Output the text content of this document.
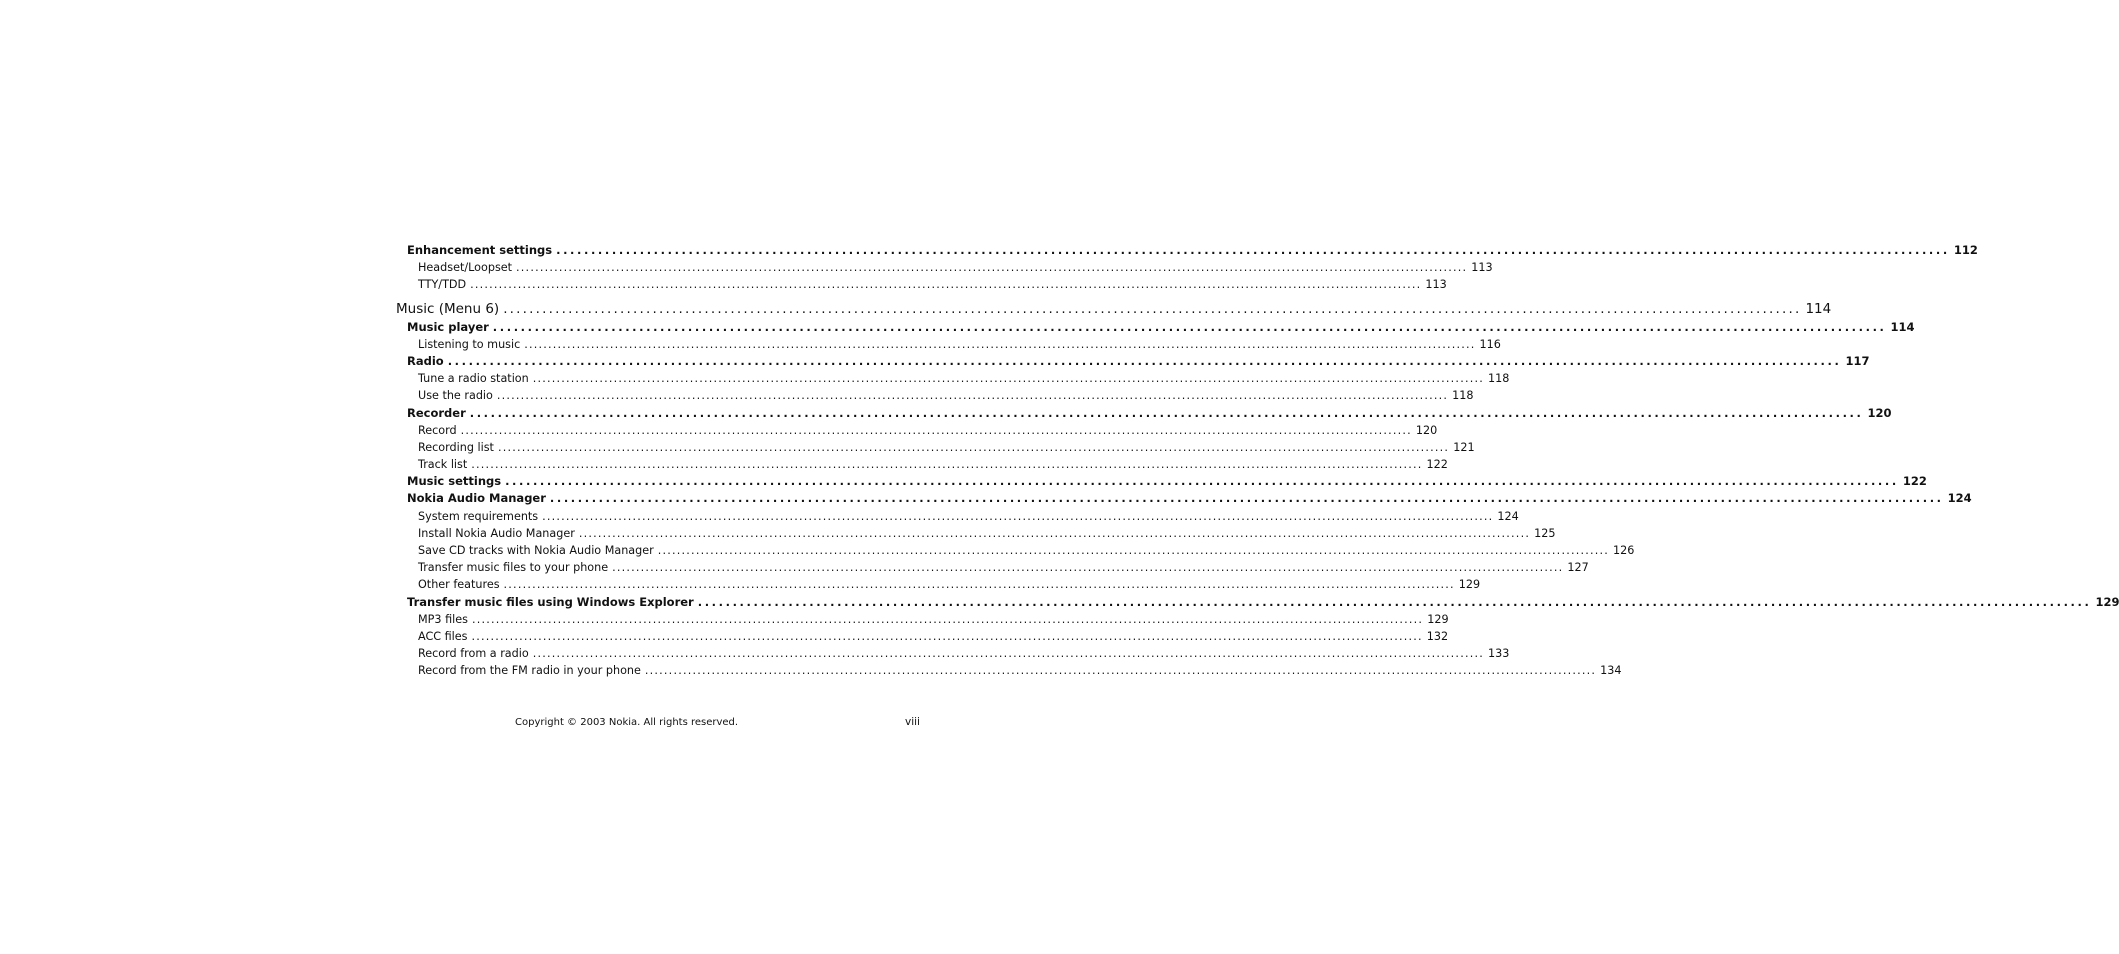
Enhancement settings ........................................................................................................................................................................................................ 112
Headset/Loopset ........................................................................................................................................................................................................ 113
TTY/TDD ........................................................................................................................................................................................................ 113
Music (Menu 6) ........................................................................................................................................................................................................ 114
Music player ........................................................................................................................................................................................................ 114
Listening to music ........................................................................................................................................................................................................ 116
Radio ........................................................................................................................................................................................................ 117
Tune a radio station ........................................................................................................................................................................................................ 118
Use the radio ........................................................................................................................................................................................................ 118
Recorder ........................................................................................................................................................................................................ 120
Record ........................................................................................................................................................................................................ 120
Recording list ........................................................................................................................................................................................................ 121
Track list ........................................................................................................................................................................................................ 122
Music settings ........................................................................................................................................................................................................ 122
Nokia Audio Manager ........................................................................................................................................................................................................ 124
System requirements ........................................................................................................................................................................................................ 124
Install Nokia Audio Manager ........................................................................................................................................................................................................ 125
Save CD tracks with Nokia Audio Manager ........................................................................................................................................................................................................ 126
Transfer music files to your phone ........................................................................................................................................................................................................ 127
Other features ........................................................................................................................................................................................................ 129
Transfer music files using Windows Explorer ........................................................................................................................................................................................................ 129
MP3 files ........................................................................................................................................................................................................ 129
ACC files ........................................................................................................................................................................................................ 132
Record from a radio ........................................................................................................................................................................................................ 133
Record from the FM radio in your phone ........................................................................................................................................................................................................ 134
Copyright © 2003 Nokia. All rights reserved.	viii
